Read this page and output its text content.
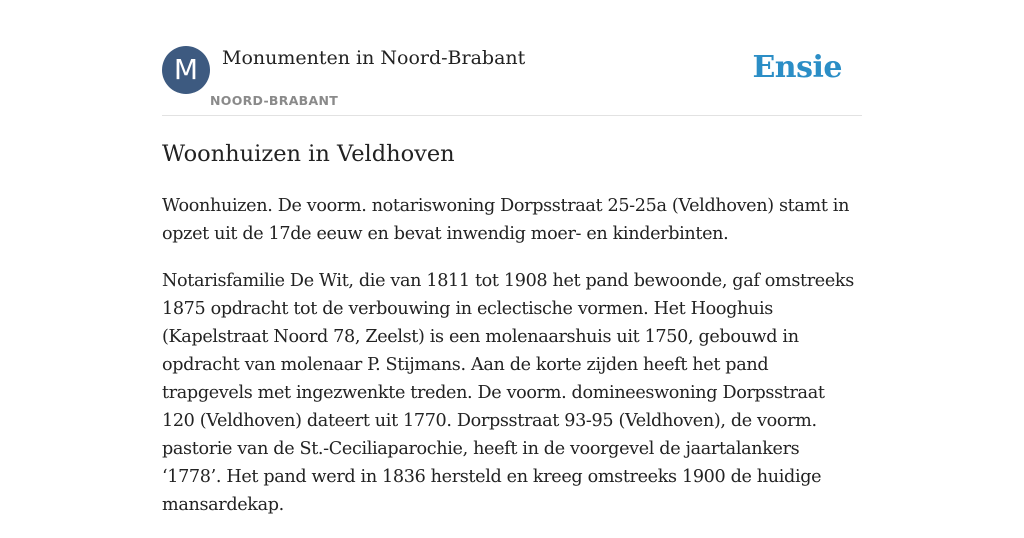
M	Monumenten in Noord-Brabant
NOORD-BRABANT
Ensie
Woonhuizen in Veldhoven

Woonhuizen. De voorm. notariswoning Dorpsstraat 25-25a (Veldhoven) stamt in opzet uit de 17de eeuw en bevat inwendig moer- en kinderbinten.

Notarisfamilie De Wit, die van 1811 tot 1908 het pand bewoonde, gaf omstreeks 1875 opdracht tot de verbouwing in eclectische vormen. Het Hooghuis (Kapelstraat Noord 78, Zeelst) is een molenaarshuis uit 1750, gebouwd in opdracht van molenaar P. Stijmans. Aan de korte zijden heeft het pand trapgevels met ingezwenkte treden. De voorm. domineeswoning Dorpsstraat 120 (Veldhoven) dateert uit 1770. Dorpsstraat 93-95 (Veldhoven), de voorm. pastorie van de St.-Ceciliaparochie, heeft in de voorgevel de jaartalankers ‘1778’. Het pand werd in 1836 hersteld en kreeg omstreeks 1900 de huidige mansardekap.
